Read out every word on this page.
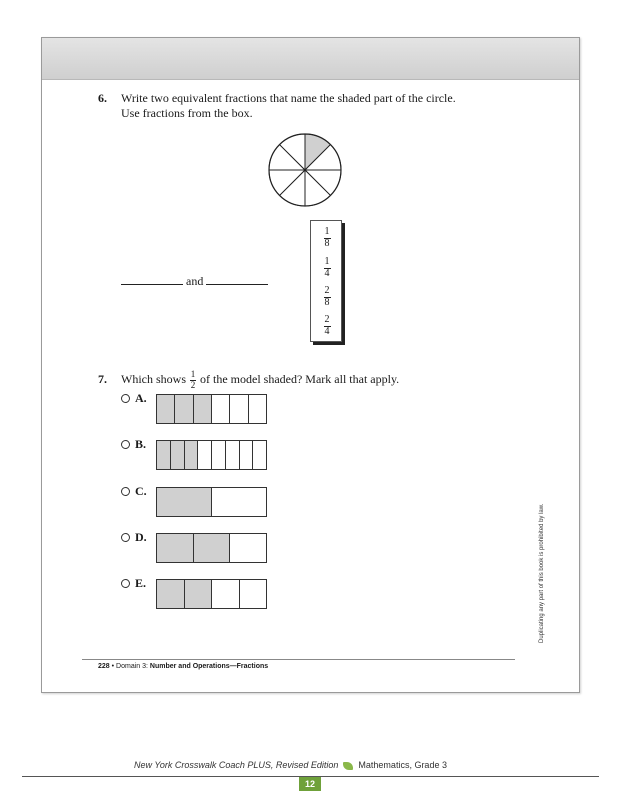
6. Write two equivalent fractions that name the shaded part of the circle.
Use fractions from the box.
and
1
8
1
4
2
8
2
4
7. Which shows $\frac{1}{2}$ of the model shaded? Mark all that apply.
A.
B.
C.
D.
E.	Duplicating any part of this book is prohibited by law.
228 • Domain 3: Number and Operations—Fractions
New York Crosswalk Coach PLUS, Revised Edition Mathematics, Grade 3
12
